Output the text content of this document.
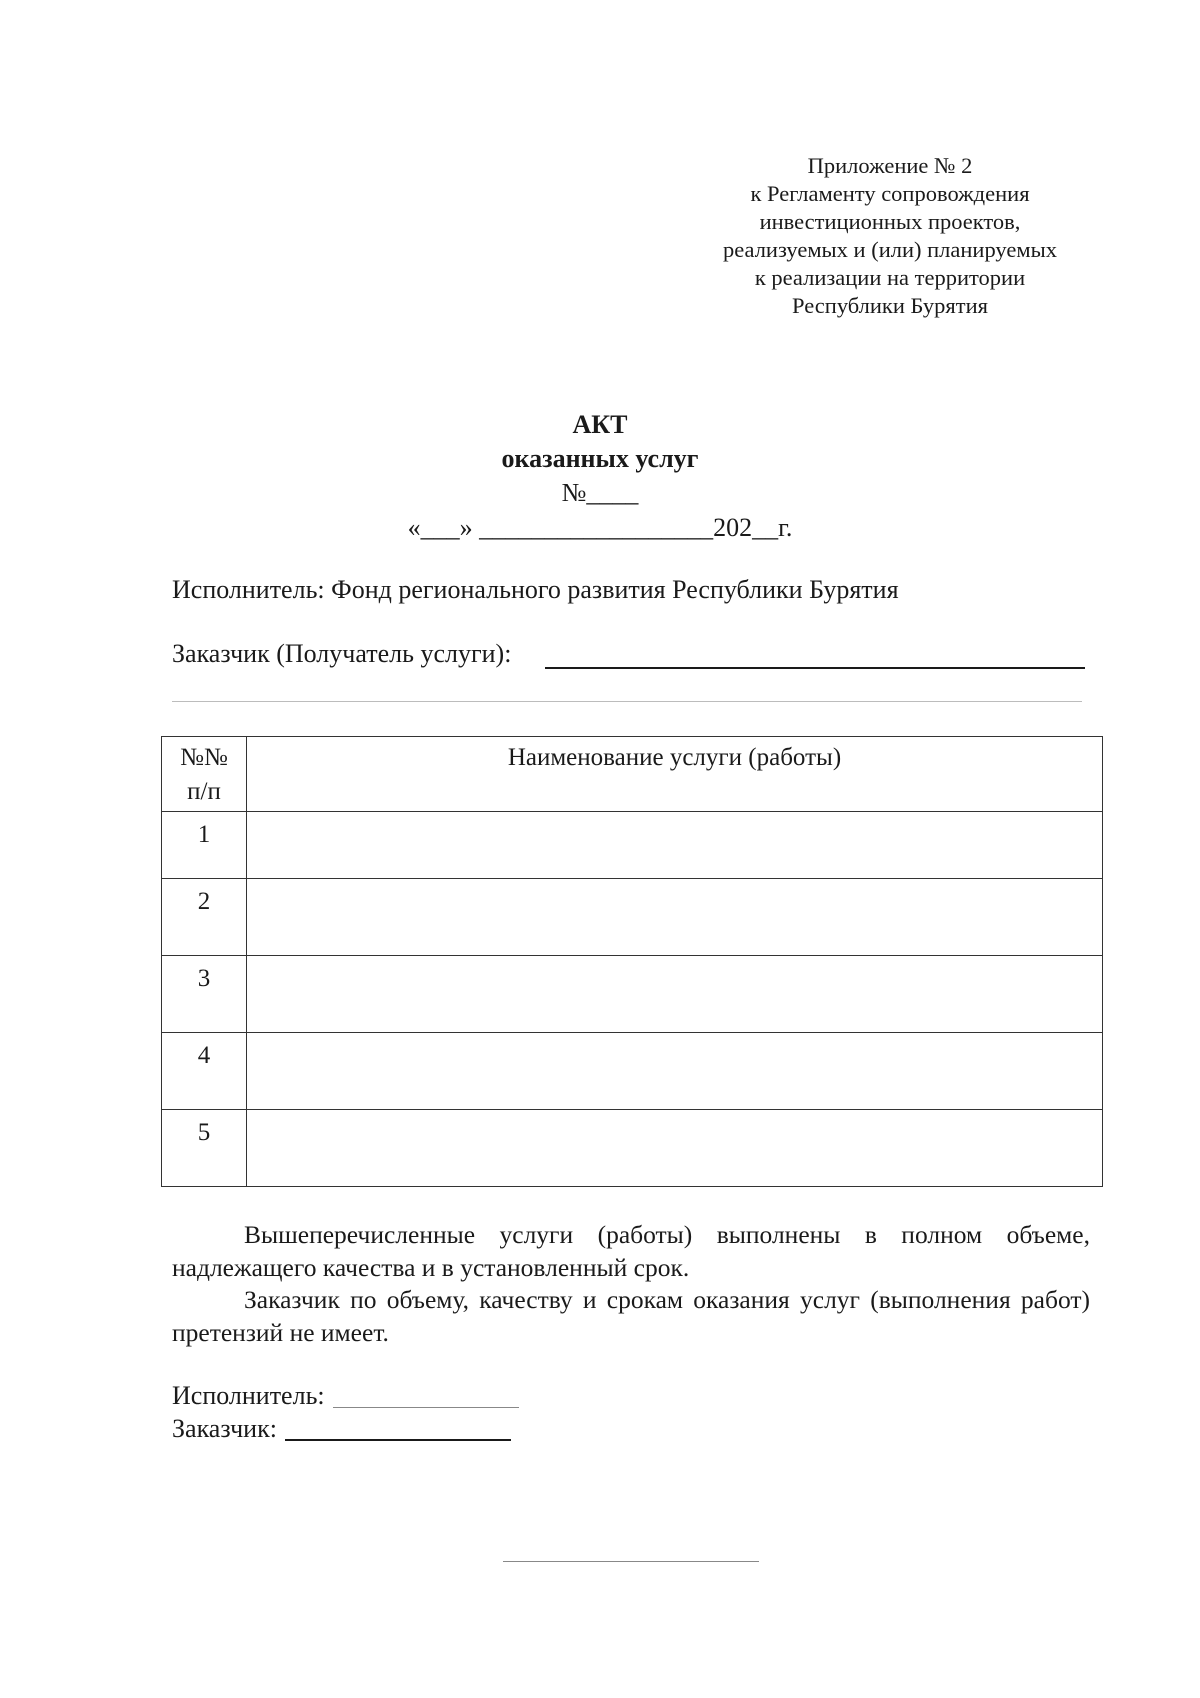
Приложение № 2
к Регламенту сопровождения
инвестиционных проектов,
реализуемых и (или) планируемых
к реализации на территории
Республики Бурятия
АКТ
оказанных услуг
№____
«___» __________________202__г.
Исполнитель: Фонд регионального развития Республики Бурятия
Заказчик (Получатель услуги):
№№
п/п	Наименование услуги (работы)
1	
2	
3	
4	
5	
Вышеперечисленные услуги (работы) выполнены в полном объеме, надлежащего качества и в установленный срок.
Заказчик по объему, качеству и срокам оказания услуг (выполнения работ) претензий не имеет.
Исполнитель:
Заказчик:
